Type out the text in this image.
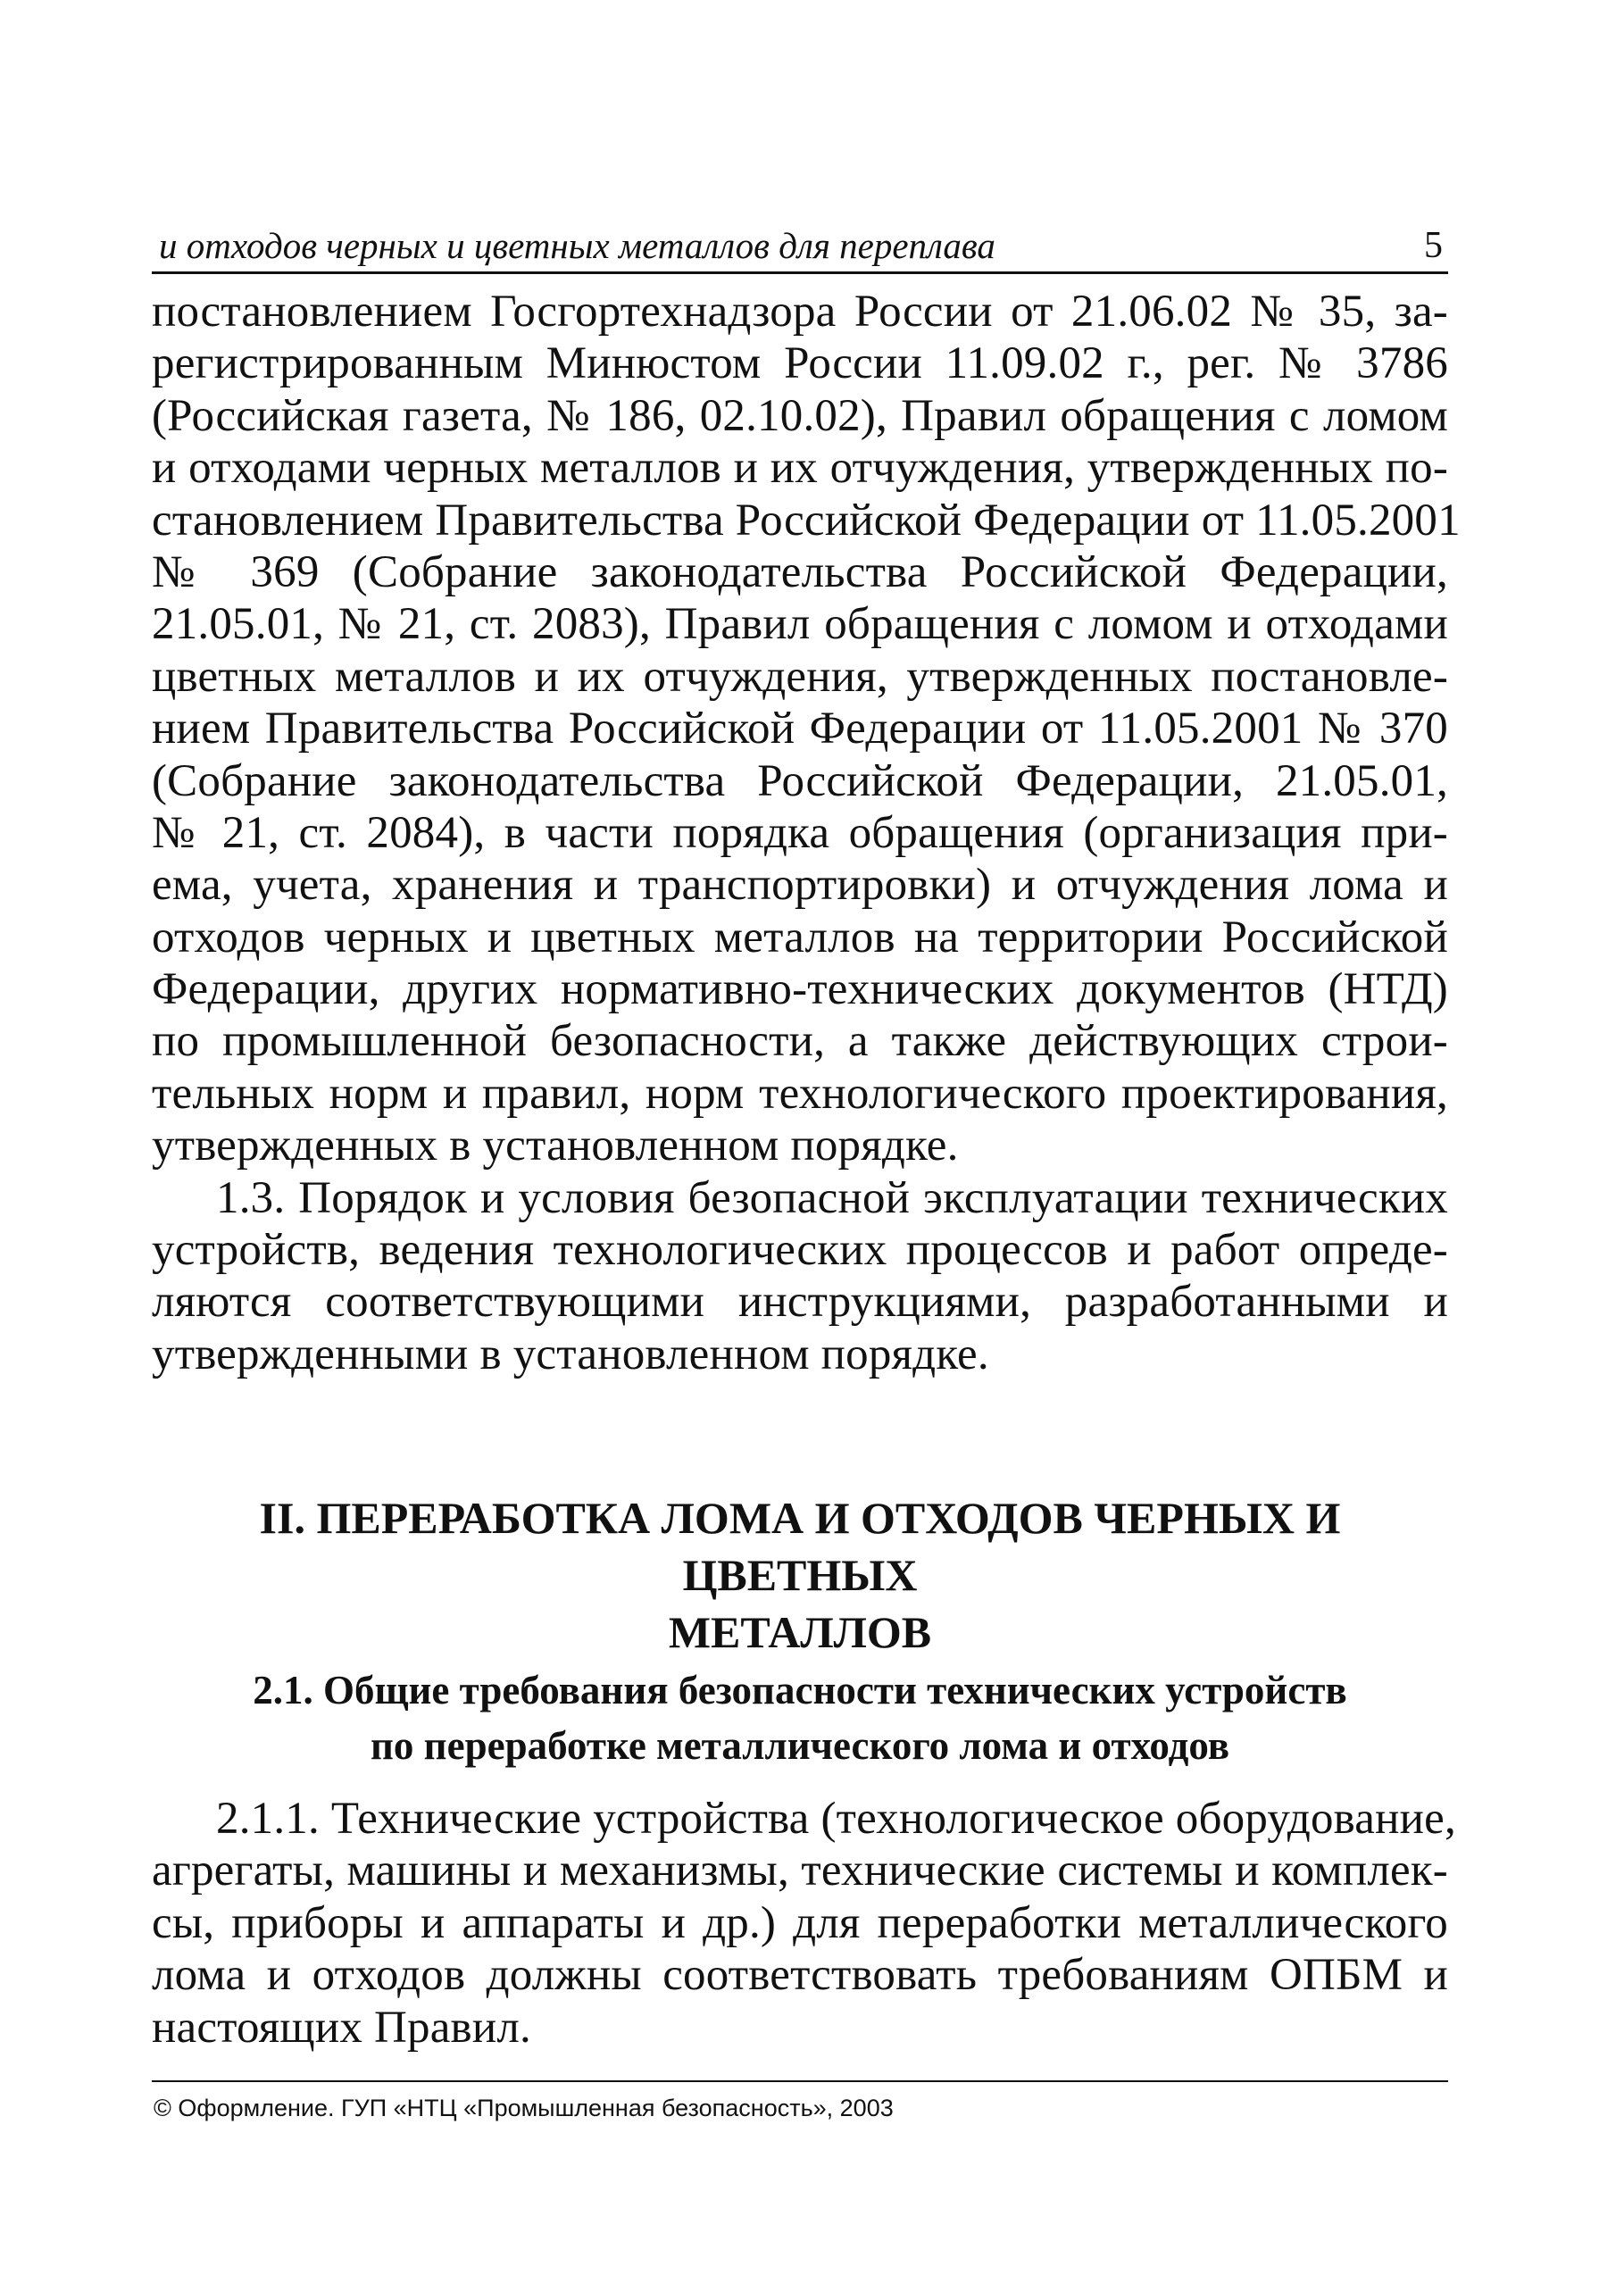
и отходов черных и цветных металлов для переплава	5
постановлением Госгортехнадзора России от 21.06.02 № 35, за-
регистрированным Минюстом России 11.09.02 г., рег. № 3786
(Российская газета, № 186, 02.10.02), Правил обращения с ломом
и отходами черных металлов и их отчуждения, утвержденных по-
становлением Правительства Российской Федерации от 11.05.2001
№ 369 (Собрание законодательства Российской Федерации,
21.05.01, № 21, ст. 2083), Правил обращения с ломом и отходами
цветных металлов и их отчуждения, утвержденных постановле-
нием Правительства Российской Федерации от 11.05.2001 № 370
(Собрание законодательства Российской Федерации, 21.05.01,
№ 21, ст. 2084), в части порядка обращения (организация при-
ема, учета, хранения и транспортировки) и отчуждения лома и
отходов черных и цветных металлов на территории Российской
Федерации, других нормативно-технических документов (НТД)
по промышленной безопасности, а также действующих строи-
тельных норм и правил, норм технологического проектирования,
утвержденных в установленном порядке.
1.3. Порядок и условия безопасной эксплуатации технических
устройств, ведения технологических процессов и работ опреде-
ляются соответствующими инструкциями, разработанными и
утвержденными в установленном порядке.
II. ПЕРЕРАБОТКА ЛОМА И ОТХОДОВ ЧЕРНЫХ И ЦВЕТНЫХ
МЕТАЛЛОВ
2.1. Общие требования безопасности технических устройств
по переработке металлического лома и отходов
2.1.1. Технические устройства (технологическое оборудование,
агрегаты, машины и механизмы, технические системы и комплек-
сы, приборы и аппараты и др.) для переработки металлического
лома и отходов должны соответствовать требованиям ОПБМ и
настоящих Правил.
© Оформление. ГУП «НТЦ «Промышленная безопасность», 2003
